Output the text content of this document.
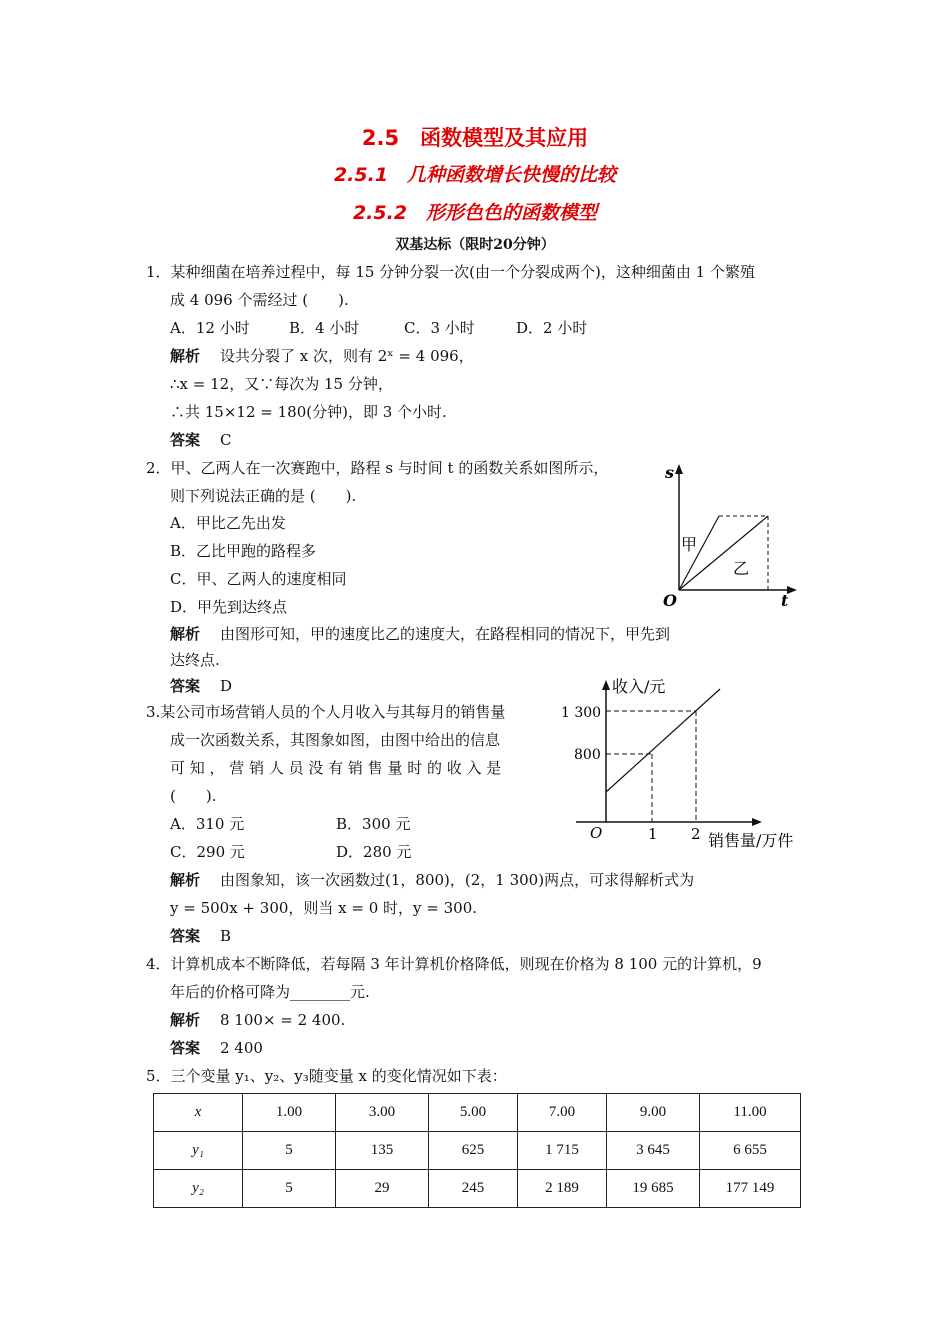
2.5　函数模型及其应用
2.5.1　几种函数增长快慢的比较
2.5.2　形形色色的函数模型
双基达标（限时20分钟）
1．某种细菌在培养过程中，每 15 分钟分裂一次(由一个分裂成两个)，这种细菌由 1 个繁殖
成 4 096 个需经过 (　　).
A．12 小时	B．4 小时	C．3 小时	D．2 小时
解析 设共分裂了 x 次，则有 2ˣ = 4 096，
∴x = 12，又∵每次为 15 分钟，
∴共 15×12 = 180(分钟)，即 3 个小时.
答案 C
2．甲、乙两人在一次赛跑中，路程 s 与时间 t 的函数关系如图所示，
则下列说法正确的是 (　　).
A．甲比乙先出发
B．乙比甲跑的路程多
C．甲、乙两人的速度相同
D．甲先到达终点
解析 由图形可知，甲的速度比乙的速度大，在路程相同的情况下，甲先到
达终点.
答案 D
s
t
O
甲
乙
3.某公司市场营销人员的个人月收入与其每月的销售量
成一次函数关系，其图象如图，由图中给出的信息
可 知 ， 营 销 人 员 没 有 销 售 量 时 的 收 入 是
(　　).
A．310 元	B．300 元
C．290 元	D．280 元
解析 由图象知，该一次函数过(1，800)，(2，1 300)两点，可求得解析式为
y = 500x + 300，则当 x = 0 时，y = 300.
答案 B
收入/元
销售量/万件
1 300
800
O	1 2
4．计算机成本不断降低，若每隔 3 年计算机价格降低，则现在价格为 8 100 元的计算机，9
年后的价格可降为________元.
解析 8 100× = 2 400.
答案 2 400
5．三个变量 y₁、y₂、y₃随变量 x 的变化情况如下表：
x	1.00	3.00	5.00	7.00	9.00	11.00
y₁	5	135	625	1 715	3 645	6 655
y₂	5	29	245	2 189	19 685	177 149
